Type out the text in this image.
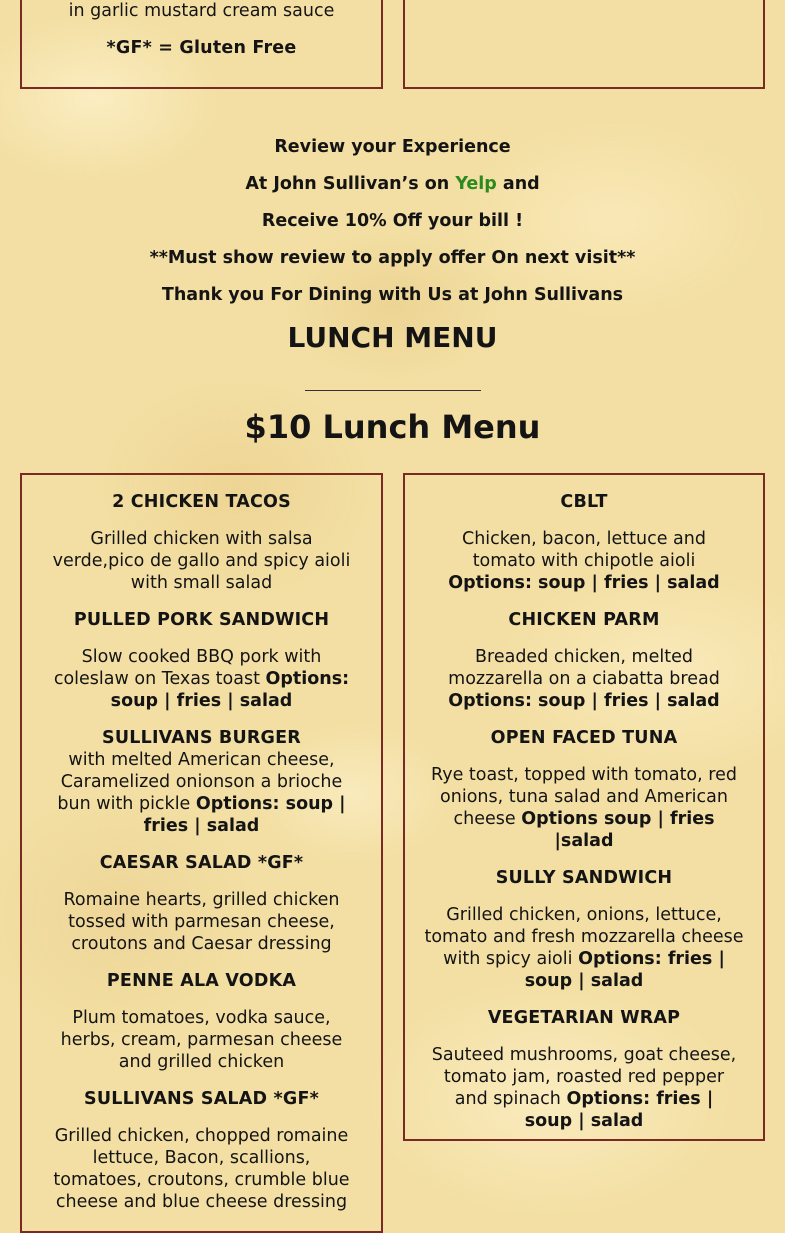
in garlic mustard cream sauce
*GF* = Gluten Free
Review your Experience
At John Sullivan’s on Yelp and
Receive 10% Off your bill !
**Must show review to apply offer On next visit**
Thank you For Dining with Us at John Sullivans
LUNCH MENU
$10 Lunch Menu
2 CHICKEN TACOS

Grilled chicken with salsa verde,pico de gallo and spicy aioli with small salad

PULLED PORK SANDWICH

Slow cooked BBQ pork with coleslaw on Texas toast Options: soup | fries | salad

SULLIVANS BURGER

with melted American cheese, Caramelized onionson a brioche bun with pickle Options: soup | fries | salad

CAESAR SALAD *GF*

Romaine hearts, grilled chicken tossed with parmesan cheese, croutons and Caesar dressing

PENNE ALA VODKA

Plum tomatoes, vodka sauce, herbs, cream, parmesan cheese and grilled chicken

SULLIVANS SALAD *GF*

Grilled chicken, chopped romaine lettuce, Bacon, scallions, tomatoes, croutons, crumble blue cheese and blue cheese dressing

CBLT

Chicken, bacon, lettuce and tomato with chipotle aioli Options: soup | fries | salad

CHICKEN PARM

Breaded chicken, melted mozzarella on a ciabatta bread Options: soup | fries | salad

OPEN FACED TUNA

Rye toast, topped with tomato, red onions, tuna salad and American cheese Options soup | fries |salad

SULLY SANDWICH

Grilled chicken, onions, lettuce, tomato and fresh mozzarella cheese with spicy aioli Options: fries | soup | salad

VEGETARIAN WRAP

Sauteed mushrooms, goat cheese, tomato jam, roasted red pepper and spinach Options: fries | soup | salad
